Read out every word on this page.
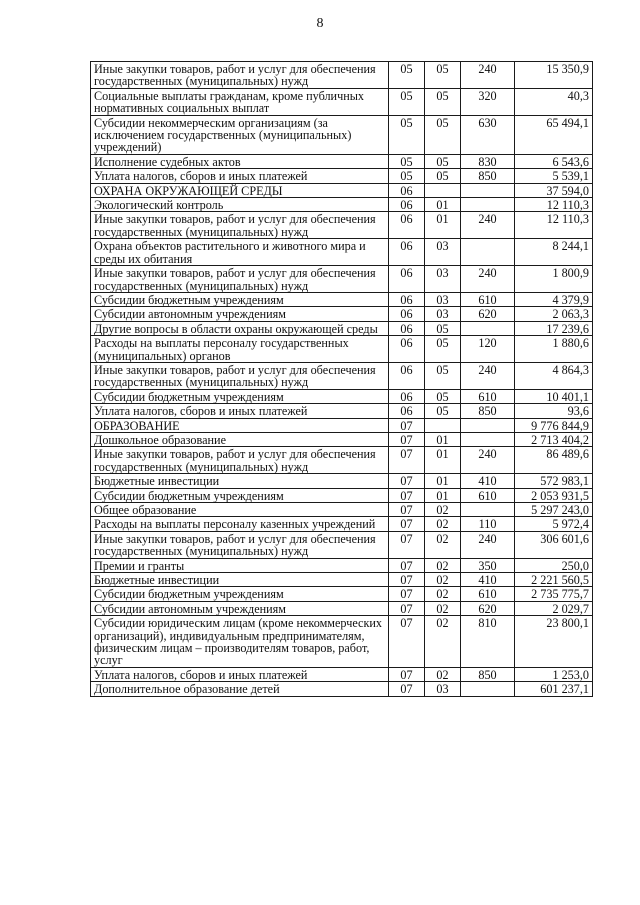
8
Иные закупки товаров, работ и услуг для обеспечения государственных (муниципальных) нужд	05	05	240	15 350,9
Социальные выплаты гражданам, кроме публичных нормативных социальных выплат	05	05	320	40,3
Субсидии некоммерческим организациям (за исключением государственных (муниципальных) учреждений)	05	05	630	65 494,1
Исполнение судебных актов	05	05	830	6 543,6
Уплата налогов, сборов и иных платежей	05	05	850	5 539,1
ОХРАНА ОКРУЖАЮЩЕЙ СРЕДЫ	06			37 594,0
Экологический контроль	06	01		12 110,3
Иные закупки товаров, работ и услуг для обеспечения государственных (муниципальных) нужд	06	01	240	12 110,3
Охрана объектов растительного и животного мира и среды их обитания	06	03		8 244,1
Иные закупки товаров, работ и услуг для обеспечения государственных (муниципальных) нужд	06	03	240	1 800,9
Субсидии бюджетным учреждениям	06	03	610	4 379,9
Субсидии автономным учреждениям	06	03	620	2 063,3
Другие вопросы в области охраны окружающей среды	06	05		17 239,6
Расходы на выплаты персоналу государственных (муниципальных) органов	06	05	120	1 880,6
Иные закупки товаров, работ и услуг для обеспечения государственных (муниципальных) нужд	06	05	240	4 864,3
Субсидии бюджетным учреждениям	06	05	610	10 401,1
Уплата налогов, сборов и иных платежей	06	05	850	93,6
ОБРАЗОВАНИЕ	07			9 776 844,9
Дошкольное образование	07	01		2 713 404,2
Иные закупки товаров, работ и услуг для обеспечения государственных (муниципальных) нужд	07	01	240	86 489,6
Бюджетные инвестиции	07	01	410	572 983,1
Субсидии бюджетным учреждениям	07	01	610	2 053 931,5
Общее образование	07	02		5 297 243,0
Расходы на выплаты персоналу казенных учреждений	07	02	110	5 972,4
Иные закупки товаров, работ и услуг для обеспечения государственных (муниципальных) нужд	07	02	240	306 601,6
Премии и гранты	07	02	350	250,0
Бюджетные инвестиции	07	02	410	2 221 560,5
Субсидии бюджетным учреждениям	07	02	610	2 735 775,7
Субсидии автономным учреждениям	07	02	620	2 029,7
Субсидии юридическим лицам (кроме некоммерческих организаций), индивидуальным предпринимателям, физическим лицам – производителям товаров, работ, услуг	07	02	810	23 800,1
Уплата налогов, сборов и иных платежей	07	02	850	1 253,0
Дополнительное образование детей	07	03		601 237,1
